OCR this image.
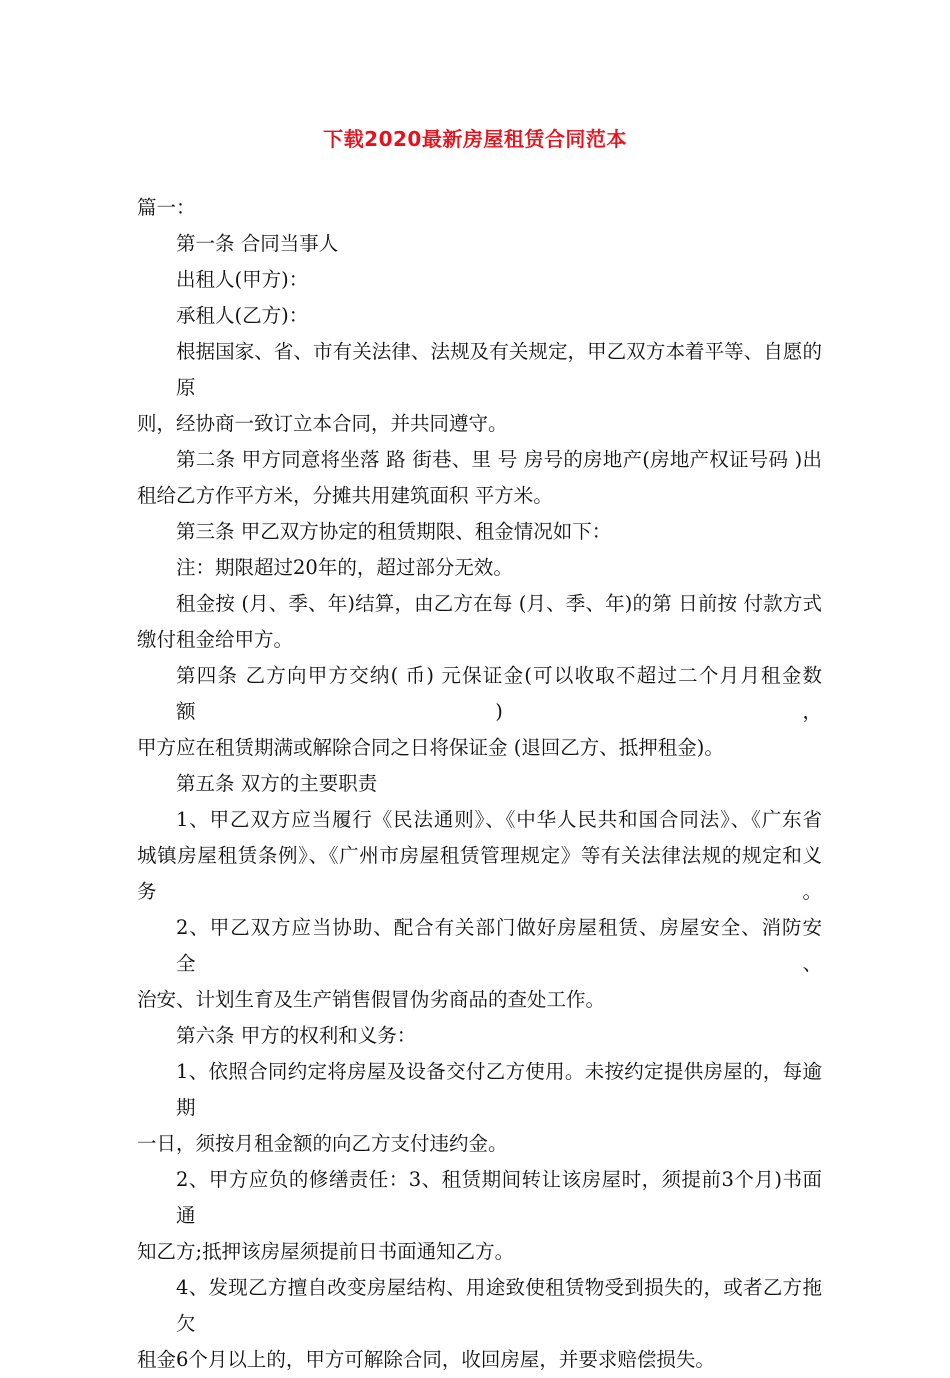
下载2020最新房屋租赁合同范本

篇一：

第一条 合同当事人

出租人(甲方)：

承租人(乙方)：

根据国家、省、市有关法律、法规及有关规定，甲乙双方本着平等、自愿的原

则，经协商一致订立本合同，并共同遵守。

第二条 甲方同意将坐落 路 街巷、里 号 房号的房地产(房地产权证号码 )出

租给乙方作平方米，分摊共用建筑面积 平方米。

第三条 甲乙双方协定的租赁期限、租金情况如下：

注：期限超过20年的，超过部分无效。

租金按 (月、季、年)结算，由乙方在每 (月、季、年)的第 日前按 付款方式

缴付租金给甲方。

第四条 乙方向甲方交纳( 币) 元保证金(可以收取不超过二个月月租金数额)，

甲方应在租赁期满或解除合同之日将保证金 (退回乙方、抵押租金)。

第五条 双方的主要职责

1、甲乙双方应当履行《民法通则》、《中华人民共和国合同法》、《广东省

城镇房屋租赁条例》、《广州市房屋租赁管理规定》等有关法律法规的规定和义务。

2、甲乙双方应当协助、配合有关部门做好房屋租赁、房屋安全、消防安全、

治安、计划生育及生产销售假冒伪劣商品的查处工作。

第六条 甲方的权利和义务：

1、依照合同约定将房屋及设备交付乙方使用。未按约定提供房屋的，每逾期

一日，须按月租金额的向乙方支付违约金。

2、甲方应负的修缮责任：3、租赁期间转让该房屋时，须提前3个月)书面通

知乙方;抵押该房屋须提前日书面通知乙方。

4、发现乙方擅自改变房屋结构、用途致使租赁物受到损失的，或者乙方拖欠

租金6个月以上的，甲方可解除合同，收回房屋，并要求赔偿损失。
